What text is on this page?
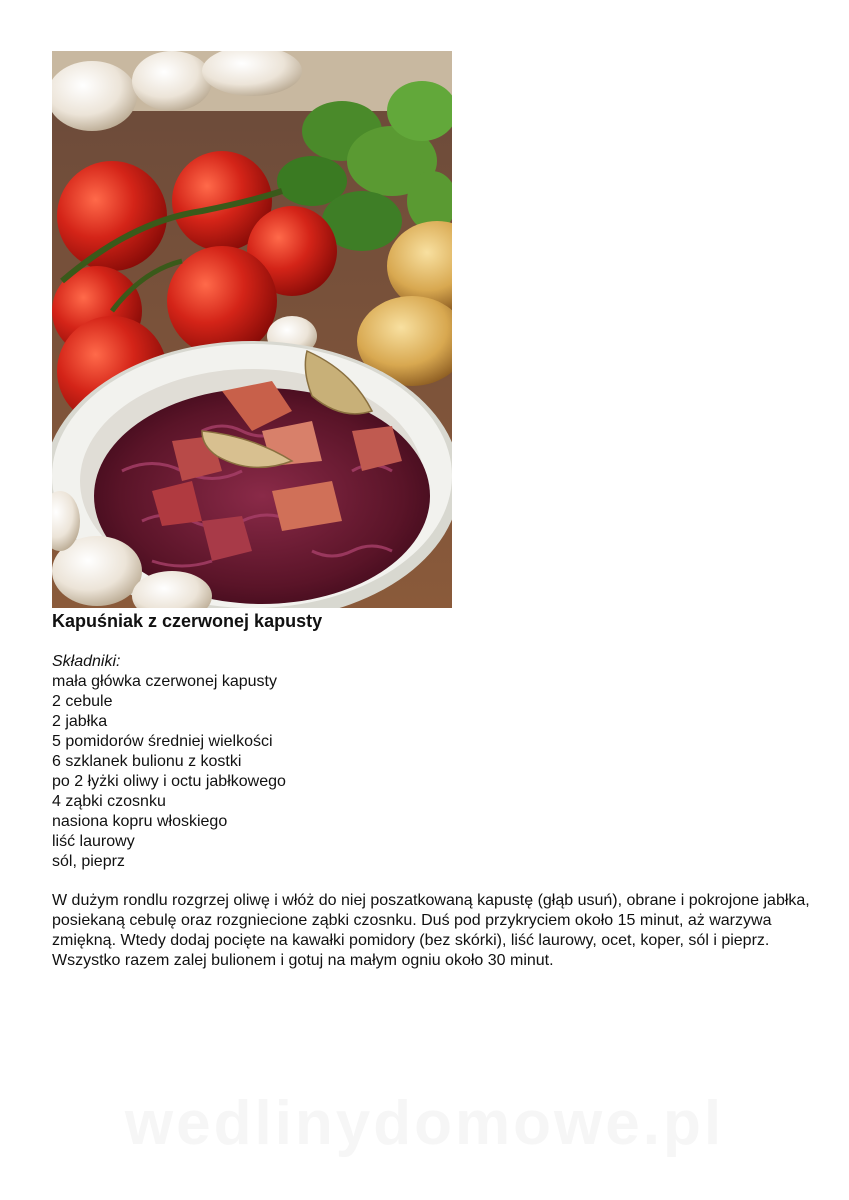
Kapuśniak z czerwonej kapusty
Składniki:
mała główka czerwonej kapusty
2 cebule
2 jabłka
5 pomidorów średniej wielkości
6 szklanek bulionu z kostki
po 2 łyżki oliwy i octu jabłkowego
4 ząbki czosnku
nasiona kopru włoskiego
liść laurowy
sól, pieprz

W dużym rondlu rozgrzej oliwę i włóż do niej poszatkowaną kapustę (głąb usuń), obrane i pokrojone jabłka, posiekaną cebulę oraz rozgniecione ząbki czosnku. Duś pod przykryciem około 15 minut, aż warzywa zmiękną. Wtedy dodaj pocięte na kawałki pomidory (bez skórki), liść laurowy, ocet, koper, sól i pieprz. Wszystko razem zalej bulionem i gotuj na małym ogniu około 30 minut.

wedlinydomowe.pl
